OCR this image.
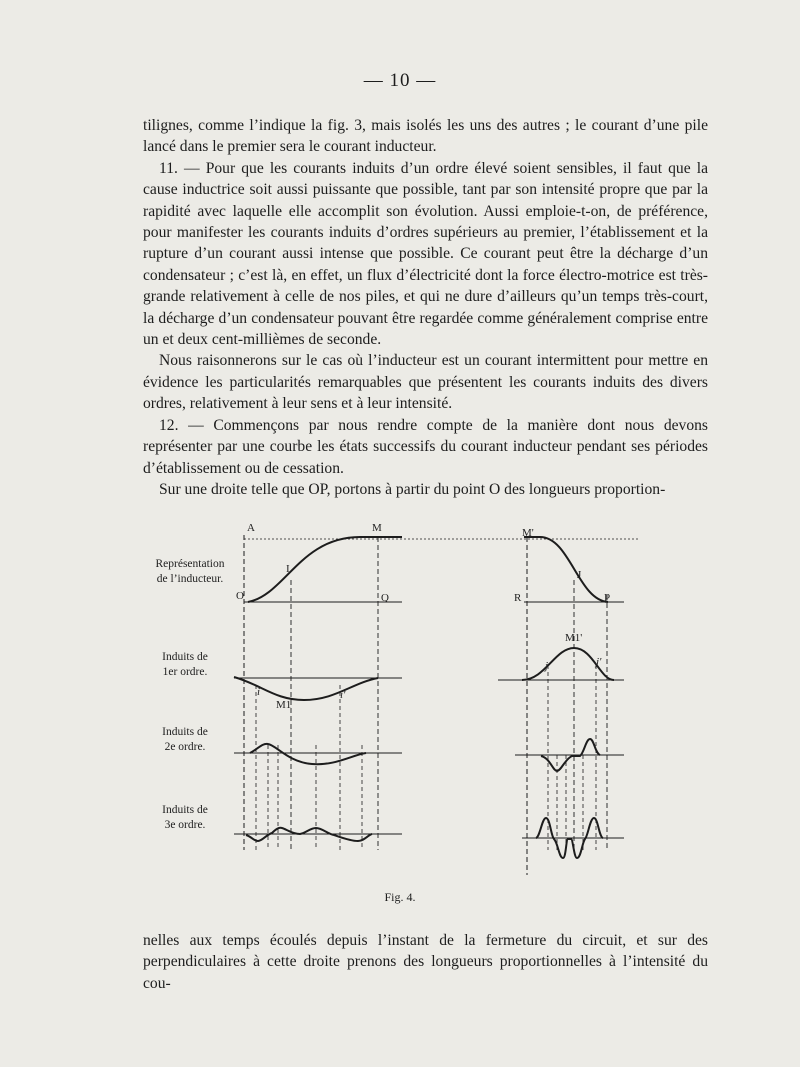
— 10 —

tilignes, comme l’indique la fig. 3, mais isolés les uns des autres ; le courant d’une pile lancé dans le premier sera le courant inducteur.

11. — Pour que les courants induits d’un ordre élevé soient sensibles, il faut que la cause inductrice soit aussi puissante que possible, tant par son intensité propre que par la rapidité avec laquelle elle accomplit son évolution. Aussi emploie-t-on, de préférence, pour manifester les courants induits d’ordres supérieurs au premier, l’établissement et la rupture d’un courant aussi intense que possible. Ce courant peut être la décharge d’un condensateur ; c’est là, en effet, un flux d’électricité dont la force électro-motrice est très-grande relativement à celle de nos piles, et qui ne dure d’ailleurs qu’un temps très-court, la décharge d’un condensateur pouvant être regardée comme généralement comprise entre un et deux cent-millièmes de seconde.

Nous raisonnerons sur le cas où l’inducteur est un courant intermittent pour mettre en évidence les particularités remarquables que présentent les courants induits des divers ordres, relativement à leur sens et à leur intensité.

12. — Commençons par nous rendre compte de la manière dont nous devons représenter par une courbe les états successifs du courant inducteur pendant ses périodes d’établissement ou de cessation.

Sur une droite telle que OP, portons à partir du point O des longueurs proportion-

A	M	M'
I	J
O	Q	R	P
i
M1
i'
M1'
j	j'
Représentation
de l’inducteur.
Induits de
1er ordre.
Induits de
2e ordre.
Induits de
3e ordre.
Fig. 4.

nelles aux temps écoulés depuis l’instant de la fermeture du circuit, et sur des perpendiculaires à cette droite prenons des longueurs proportionnelles à l’intensité du cou-
